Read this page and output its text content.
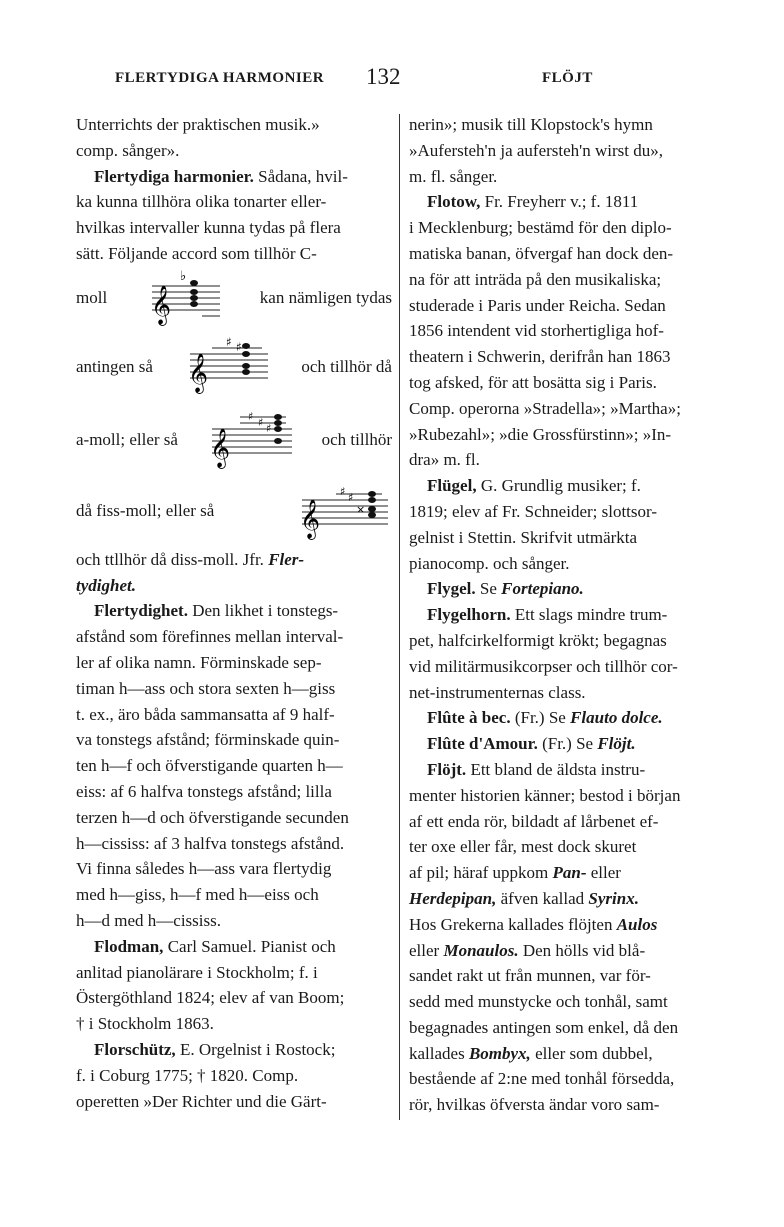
FLERTYDIGA HARMONIER 132	FLÖJT

Unterrichts der praktischen musik.»

comp. sånger».

Flertydiga harmonier. Sådana, hvil-

ka kunna tillhöra olika tonarter eller-

hvilkas intervaller kunna tydas på flera

sätt. Följande accord som tillhör C-

moll 𝄞
♭
kan nämligen tydas
antingen så 𝄞
♯ ♯
och tillhör då
a-moll; eller så 𝄞
♯ ♯ ♯
och tillhör
då fiss-moll; eller så	𝄞
♯ ♯
×

och ttllhör då diss-moll. Jfr. Fler-

tydighet.

Flertydighet. Den likhet i tonstegs-

afstånd som förefinnes mellan interval-

ler af olika namn. Förminskade sep-

timan h—ass och stora sexten h—giss

t. ex., äro båda sammansatta af 9 half-

va tonstegs afstånd; förminskade quin-

ten h—f och öfverstigande quarten h—

eiss: af 6 halfva tonstegs afstånd; lilla

terzen h—d och öfverstigande secunden

h—cississ: af 3 halfva tonstegs afstånd.

Vi finna således h—ass vara flertydig

med h—giss, h—f med h—eiss och

h—d med h—cississ.

Flodman, Carl Samuel. Pianist och

anlitad pianolärare i Stockholm; f. i

Östergöthland 1824; elev af van Boom;

† i Stockholm 1863.

Florschütz, E. Orgelnist i Rostock;

f. i Coburg 1775; † 1820. Comp.

operetten »Der Richter und die Gärt-

nerin»; musik till Klopstock's hymn

»Aufersteh'n ja aufersteh'n wirst du»,

m. fl. sånger.

Flotow, Fr. Freyherr v.; f. 1811

i Mecklenburg; bestämd för den diplo-

matiska banan, öfvergaf han dock den-

na för att inträda på den musikaliska;

studerade i Paris under Reicha. Sedan

1856 intendent vid storhertigliga hof-

theatern i Schwerin, derifrån han 1863

tog afsked, för att bosätta sig i Paris.

Comp. operorna »Stradella»; »Martha»;

»Rubezahl»; »die Grossfürstinn»; »In-

dra» m. fl.

Flügel, G. Grundlig musiker; f.

1819; elev af Fr. Schneider; slottsor-

gelnist i Stettin. Skrifvit utmärkta

pianocomp. och sånger.

Flygel. Se Fortepiano.

Flygelhorn. Ett slags mindre trum-

pet, halfcirkelformigt krökt; begagnas

vid militärmusikcorpser och tillhör cor-

net-instrumenternas class.

Flûte à bec. (Fr.) Se Flauto dolce.

Flûte d'Amour. (Fr.) Se Flöjt.

Flöjt. Ett bland de äldsta instru-

menter historien känner; bestod i början

af ett enda rör, bildadt af lårbenet ef-

ter oxe eller får, mest dock skuret

af pil; häraf uppkom Pan- eller

Herdepipan, äfven kallad Syrinx.

Hos Grekerna kallades flöjten Aulos

eller Monaulos. Den hölls vid blå-

sandet rakt ut från munnen, var för-

sedd med munstycke och tonhål, samt

begagnades antingen som enkel, då den

kallades Bombyx, eller som dubbel,

bestående af 2:ne med tonhål försedda,

rör, hvilkas öfversta ändar voro sam-
